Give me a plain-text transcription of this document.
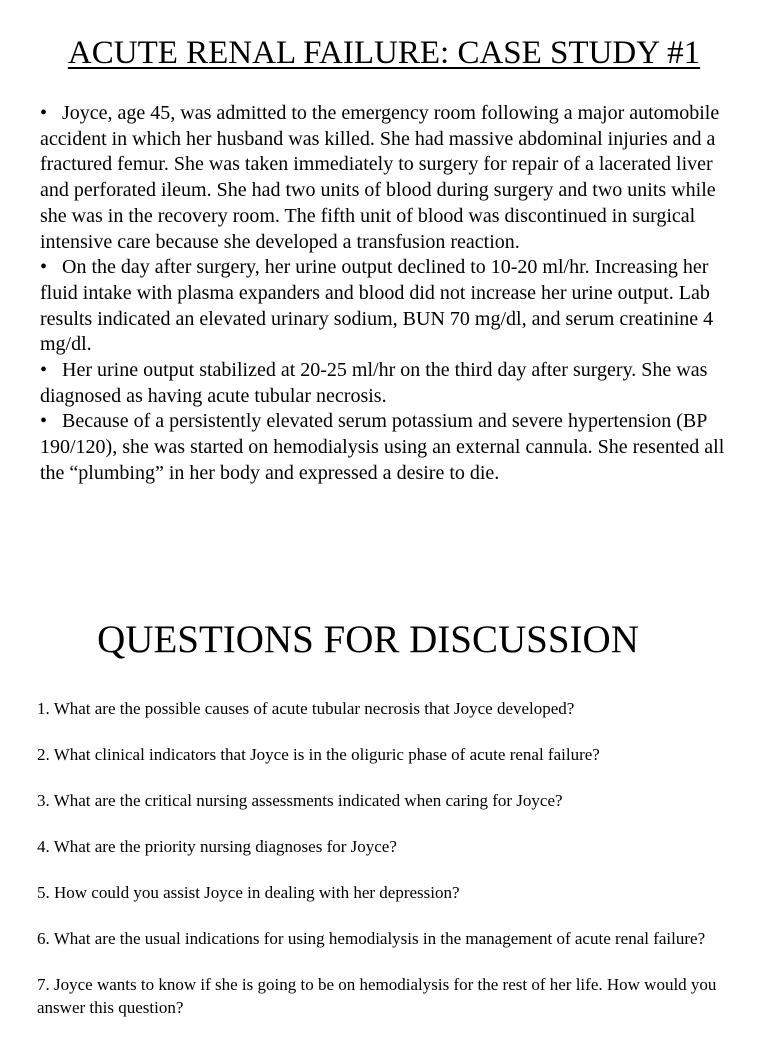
ACUTE RENAL FAILURE: CASE STUDY #1

• Joyce, age 45, was admitted to the emergency room following a major automobile accident in which her husband was killed. She had massive abdominal injuries and a fractured femur. She was taken immediately to surgery for repair of a lacerated liver and perforated ileum. She had two units of blood during surgery and two units while she was in the recovery room. The fifth unit of blood was discontinued in surgical intensive care because she developed a transfusion reaction.

• On the day after surgery, her urine output declined to 10-20 ml/hr. Increasing her fluid intake with plasma expanders and blood did not increase her urine output. Lab results indicated an elevated urinary sodium, BUN 70 mg/dl, and serum creatinine 4 mg/dl.

• Her urine output stabilized at 20-25 ml/hr on the third day after surgery. She was diagnosed as having acute tubular necrosis.

• Because of a persistently elevated serum potassium and severe hypertension (BP 190/120), she was started on hemodialysis using an external cannula. She resented all the “plumbing” in her body and expressed a desire to die.

QUESTIONS FOR DISCUSSION
1. What are the possible causes of acute tubular necrosis that Joyce developed?
2. What clinical indicators that Joyce is in the oliguric phase of acute renal failure?
3. What are the critical nursing assessments indicated when caring for Joyce?
4. What are the priority nursing diagnoses for Joyce?
5. How could you assist Joyce in dealing with her depression?
6. What are the usual indications for using hemodialysis in the management of acute renal failure?
7. Joyce wants to know if she is going to be on hemodialysis for the rest of her life. How would you answer this question?
